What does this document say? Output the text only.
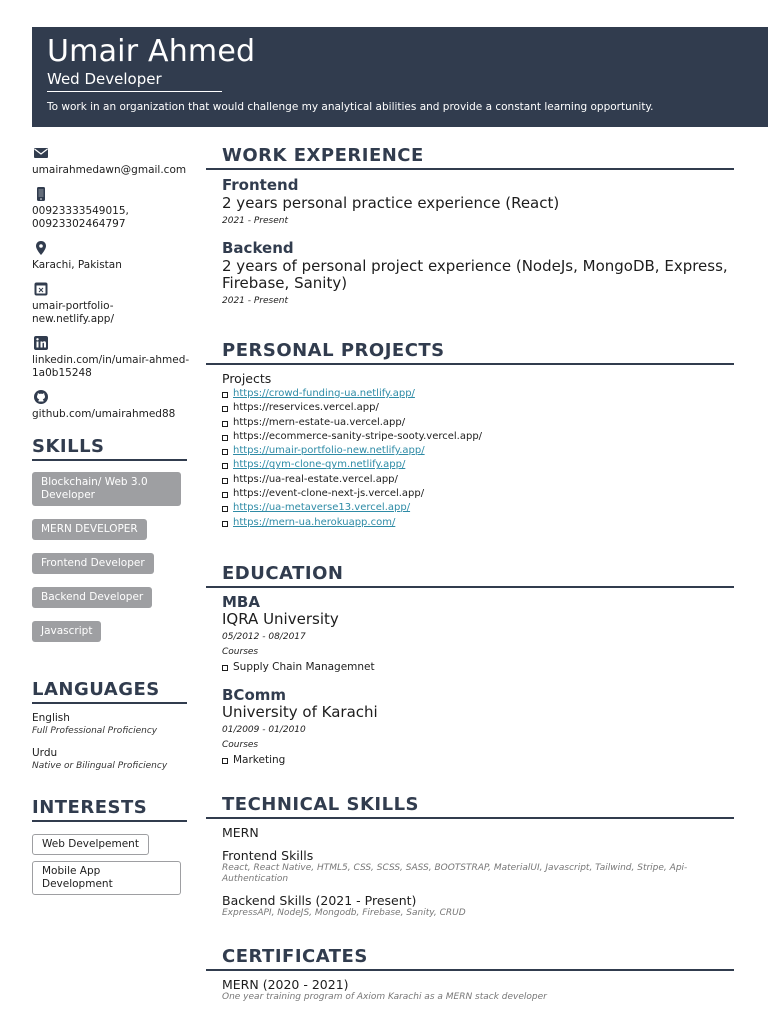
Umair Ahmed
Wed Developer
To work in an organization that would challenge my analytical abilities and provide a constant learning opportunity.
umairahmedawn@gmail.com
00923333549015, 00923302464797
Karachi, Pakistan
umair-portfolio-new.netlify.app/
linkedin.com/in/umair-ahmed-1a0b15248
github.com/umairahmed88
SKILLS
Blockchain/ Web 3.0 Developer
MERN DEVELOPER
Frontend Developer
Backend Developer
Javascript
LANGUAGES
English
Full Professional Proficiency
Urdu
Native or Bilingual Proficiency
INTERESTS
Web Develpement
Mobile App Development
WORK EXPERIENCE
Frontend
2 years personal practice experience (React)
2021 - Present
Backend
2 years of personal project experience (NodeJs, MongoDB, Express, Firebase, Sanity)
2021 - Present
PERSONAL PROJECTS
Projects
https://crowd-funding-ua.netlify.app/
https://reservices.vercel.app/
https://mern-estate-ua.vercel.app/
https://ecommerce-sanity-stripe-sooty.vercel.app/
https://umair-portfolio-new.netlify.app/
https://gym-clone-gym.netlify.app/
https://ua-real-estate.vercel.app/
https://event-clone-next-js.vercel.app/
https://ua-metaverse13.vercel.app/
https://mern-ua.herokuapp.com/
EDUCATION
MBA
IQRA University
05/2012 - 08/2017
Courses
Supply Chain Managemnet
BComm
University of Karachi
01/2009 - 01/2010
Courses
Marketing
TECHNICAL SKILLS
MERN
Frontend Skills
React, React Native, HTML5, CSS, SCSS, SASS, BOOTSTRAP, MaterialUI, Javascript, Tailwind, Stripe, Api-Authentication
Backend Skills (2021 - Present)
ExpressAPI, NodeJS, Mongodb, Firebase, Sanity, CRUD
CERTIFICATES
MERN (2020 - 2021)
One year training program of Axiom Karachi as a MERN stack developer
